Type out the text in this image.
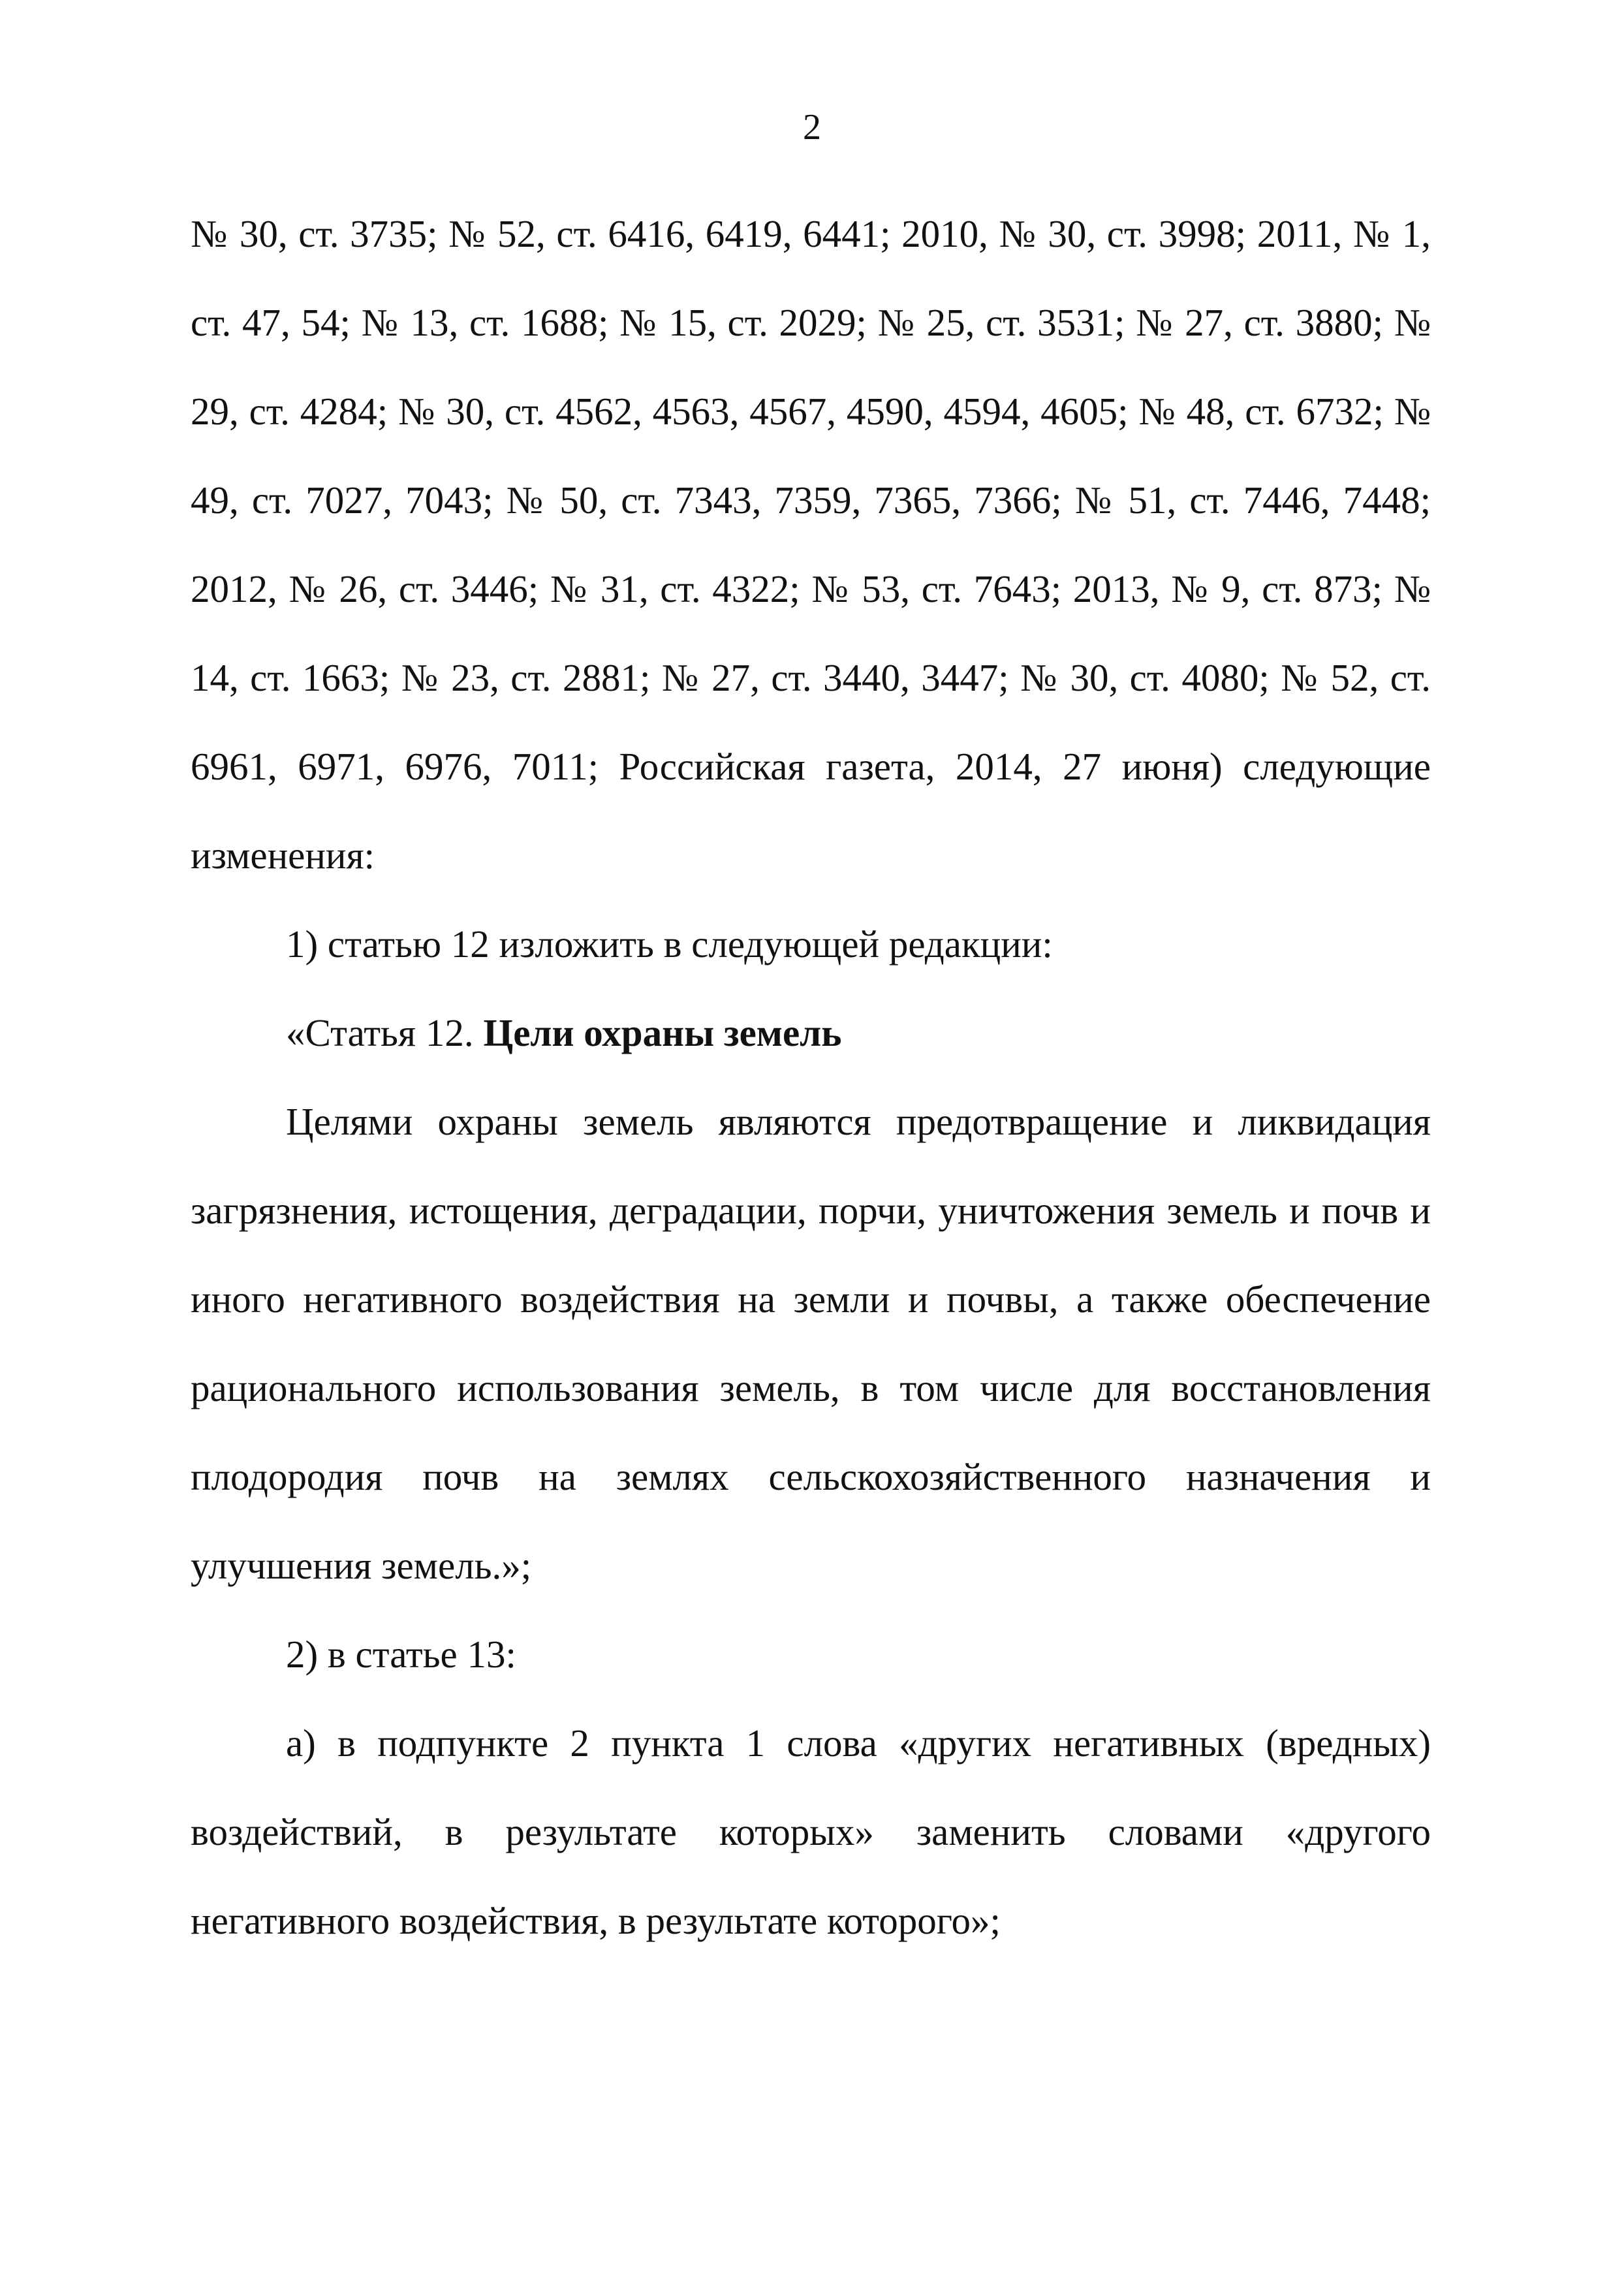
2

№ 30, ст. 3735; № 52, ст. 6416, 6419, 6441; 2010, № 30, ст. 3998; 2011, № 1, ст. 47, 54; № 13, ст. 1688; № 15, ст. 2029; № 25, ст. 3531; № 27, ст. 3880; № 29, ст. 4284; № 30, ст. 4562, 4563, 4567, 4590, 4594, 4605; № 48, ст. 6732; № 49, ст. 7027, 7043; № 50, ст. 7343, 7359, 7365, 7366; № 51, ст. 7446, 7448; 2012, № 26, ст. 3446; № 31, ст. 4322; № 53, ст. 7643; 2013, № 9, ст. 873; № 14, ст. 1663; № 23, ст. 2881; № 27, ст. 3440, 3447; № 30, ст. 4080; № 52, ст. 6961, 6971, 6976, 7011; Российская газета, 2014, 27 июня) следующие изменения:

1) статью 12 изложить в следующей редакции:

«Статья 12. Цели охраны земель

Целями охраны земель являются предотвращение и ликвидация загрязнения, истощения, деградации, порчи, уничтожения земель и почв и иного негативного воздействия на земли и почвы, а также обеспечение рационального использования земель, в том числе для восстановления плодородия почв на землях сельскохозяйственного назначения и улучшения земель.»;

2) в статье 13:

а) в подпункте 2 пункта 1 слова «других негативных (вредных) воздействий, в результате которых» заменить словами «другого негативного воздействия, в результате которого»;
